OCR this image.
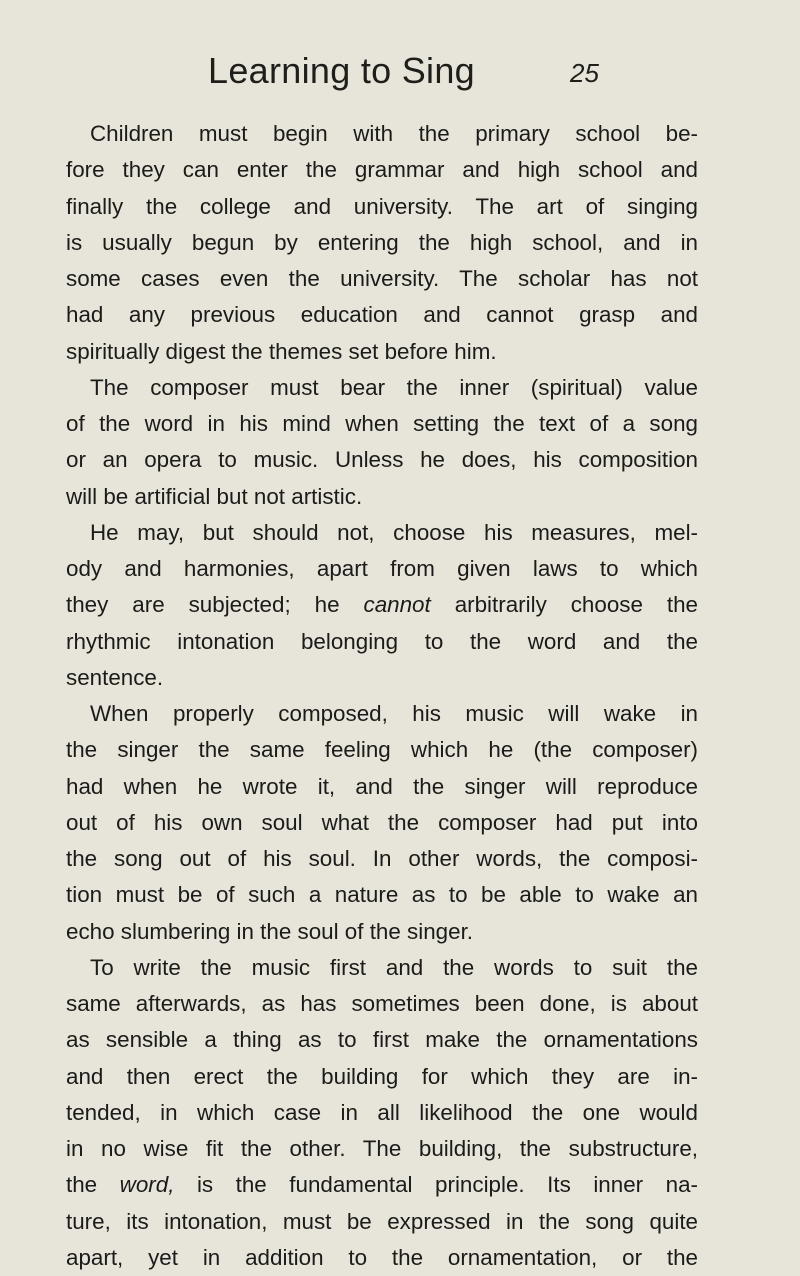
Learning to Sing	25
Children must begin with the primary school be-
fore they can enter the grammar and high school and
finally the college and university. The art of singing
is usually begun by entering the high school, and in
some cases even the university. The scholar has not
had any previous education and cannot grasp and
spiritually digest the themes set before him.
The composer must bear the inner (spiritual) value
of the word in his mind when setting the text of a song
or an opera to music. Unless he does, his composition
will be artificial but not artistic.
He may, but should not, choose his measures, mel-
ody and harmonies, apart from given laws to which
they are subjected; he cannot arbitrarily choose the
rhythmic intonation belonging to the word and the
sentence.
When properly composed, his music will wake in
the singer the same feeling which he (the composer)
had when he wrote it, and the singer will reproduce
out of his own soul what the composer had put into
the song out of his soul. In other words, the composi-
tion must be of such a nature as to be able to wake an
echo slumbering in the soul of the singer.
To write the music first and the words to suit the
same afterwards, as has sometimes been done, is about
as sensible a thing as to first make the ornamentations
and then erect the building for which they are in-
tended, in which case in all likelihood the one would
in no wise fit the other. The building, the substructure,
the word, is the fundamental principle. Its inner na-
ture, its intonation, must be expressed in the song quite
apart, yet in addition to the ornamentation, or the
